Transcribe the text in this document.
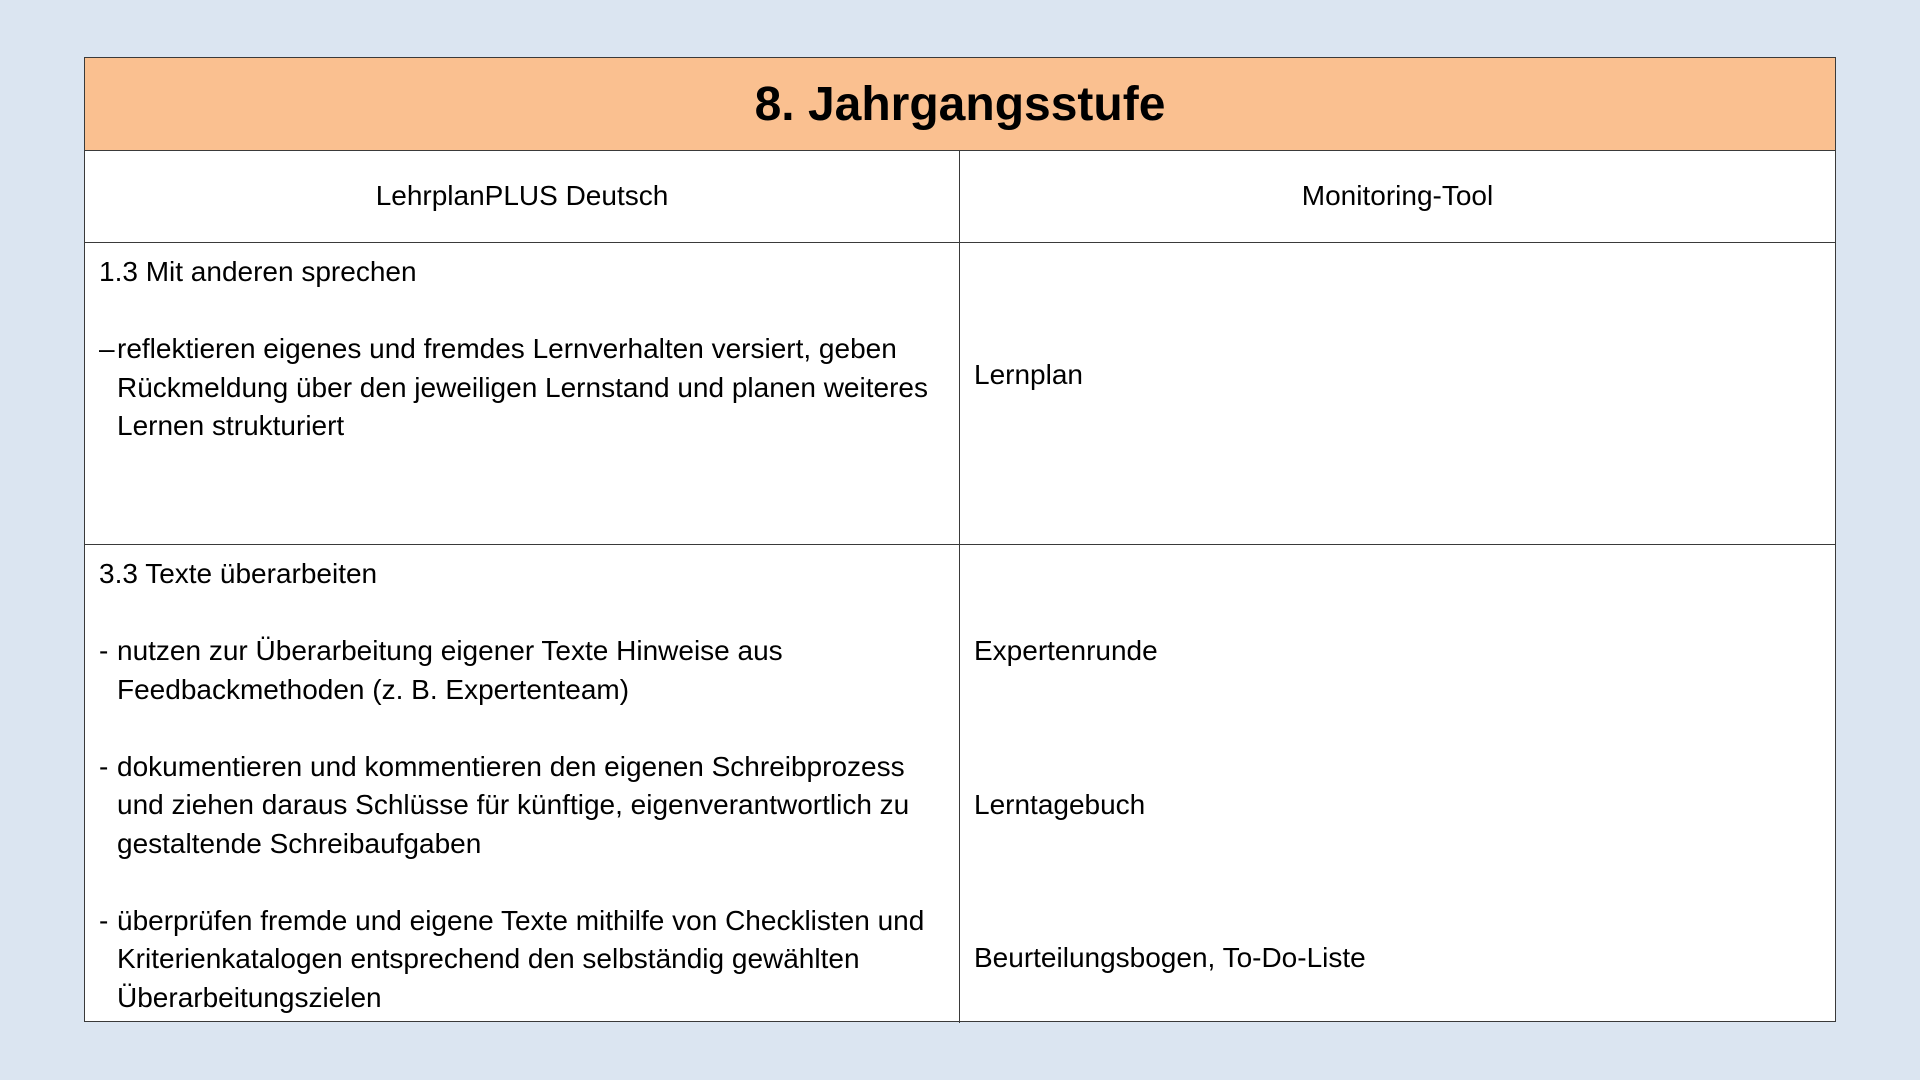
8. Jahrgangsstufe
LehrplanPLUS Deutsch	Monitoring-Tool
1.3 Mit anderen sprechen
– reflektieren eigenes und fremdes Lernverhalten versiert, geben Rückmeldung über den jeweiligen Lernstand und planen weiteres Lernen strukturiert
Lernplan
3.3 Texte überarbeiten
- nutzen zur Überarbeitung eigener Texte Hinweise aus Feedbackmethoden (z. B. Expertenteam)
- dokumentieren und kommentieren den eigenen Schreibprozess und ziehen daraus Schlüsse für künftige, eigenverantwortlich zu gestaltende Schreibaufgaben
- überprüfen fremde und eigene Texte mithilfe von Checklisten und Kriterienkatalogen entsprechend den selbständig gewählten Überarbeitungszielen
Expertenrunde
Lerntagebuch
Beurteilungsbogen, To-Do-Liste
